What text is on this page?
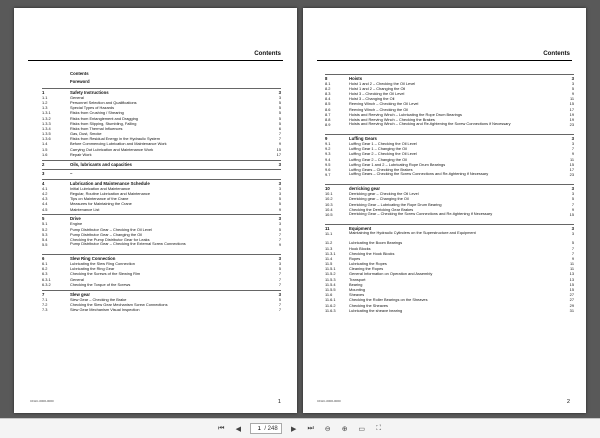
Contents
Contents
Foreword
1	Safety Instructions	3
1.1	General	3
1.2	Personnel Selection and Qualifications	5
1.3	Special Types of Hazards	5
1.3.1	Risks from Crushing / Shearing	5
1.3.2	Risks from Entanglement and Dragging	5
1.3.3	Risks from Slipping, Stumbling, Falling	5
1.3.4	Risks from Thermal Influences	6
1.3.5	Gas, Dust, Smoke	7
1.3.6	Risks from Residual Energy in the Hydraulic System	7
1.4	Before Commencing Lubrication and Maintenance Work	9
1.5	Carrying Out Lubrication and Maintenance Work	15
1.6	Repair Work	17
2	Oils, lubricants and capacities	3
3	–
4	Lubrication and Maintenance Schedule	3
4.1	Initial Lubrication and Maintenance	3
4.2	Regular, Routine Lubrication and Maintenance	3
4.3	Tips on Maintenance of the Crane	5
4.4	Measures for Maintaining the Crane	5
4.5	Maintenance List	9
5	Drive	3
5.1	Engine	3
5.2	Pump Distributor Gear – Checking the Oil Level	5
5.3	Pump Distributor Gear – Changing the Oil	7
5.4	Checking the Pump Distributor Gear for Leaks	7
5.5	Pump Distributor Gear – Checking the External Screw Connections	9
6	Slew Ring Connection	3
6.1	Lubricating the Slew Ring Connection	3
6.2	Lubricating the Ring Gear	5
6.3	Checking the Screws of the Slewing Rim	7
6.3.1	General	7
6.3.2	Checking the Torque of the Screws	7
7	Slew gear	3
7.1	Slew Gear – Checking the Brake	5
7.2	Checking the Slew Gear Mechanism Screw Connections	7
7.3	Slew Gear Mechanism Visual Inspection	7
CFHC-0000-0000	1
Contents
8	Hoists	3
8.1	Hoist 1 and 2 – Checking the Oil Level	3
8.2	Hoist 1 and 2 – Changing the Oil	5
8.3	Hoist 3 – Checking the Oil Level	9
8.4	Hoist 3 – Changing the Oil	11
8.5	Reeving Winch – Checking the Oil Level	15
8.6	Reeving Winch – Checking the Oil	17
8.7	Hoists and Reeving Winch – Lubricating the Rope Drum Bearings	19
8.8	Hoists and Reeving Winch – Checking the Brakes	19
8.9	Hoists and Reeving Winch – Checking and Re-tightening the Screw Connections if Necessary	23
9	Luffing Gears	3
9.1	Luffing Gear 1 – Checking the Oil Level	3
9.2	Luffing Gear 1 – Changing the Oil	7
9.3	Luffing Gear 2 – Checking the Oil Level	9
9.4	Luffing Gear 2 – Changing the Oil	11
9.5	Luffing Gear 1 and 2 – Lubricating Rope Drum Bearings	15
9.6	Luffing Gears – Checking the Brakes	17
9.7	Luffing Gears – Checking the Screw Connections and Re-tightening if Necessary	23
10	derricking gear	3
10.1	Derricking gear – Checking the Oil Level	3
10.2	Derricking gear – Changing the Oil	5
10.3	Derricking Gear – Lubricating the Rope Drum Bearing	7
10.4	Checking the Derricking Gear Brakes	9
10.5	Derricking Gear – Checking the Screw Connections and Re-tightening if Necessary	15
11	Equipment	3
11.1	Maintaining the Hydraulic Cylinders on the Superstructure and Equipment	3
11.2	Lubricating the Boom Bearings	5
11.3	Hook Blocks	7
11.3.1	Checking the Hook Blocks	7
11.4	Ropes	9
11.5	Lubricating the Ropes	11
11.5.1	Cleaning the Ropes	11
11.5.2	General Information on Operation and Assembly	13
11.5.3	Transport	13
11.5.4	Bearing	15
11.5.5	Mounting	15
11.6	Sheaves	27
11.6.1	Checking the Roller Bearings on the Sheaves	27
11.6.2	Checking the Sheaves	29
11.6.3	Lubricating the sheave bearing	31
CFHC-0000-0000	2
⏮	◀
1	/ 248	▶	⏭ ⊖ ⊕ ▭	⛶
